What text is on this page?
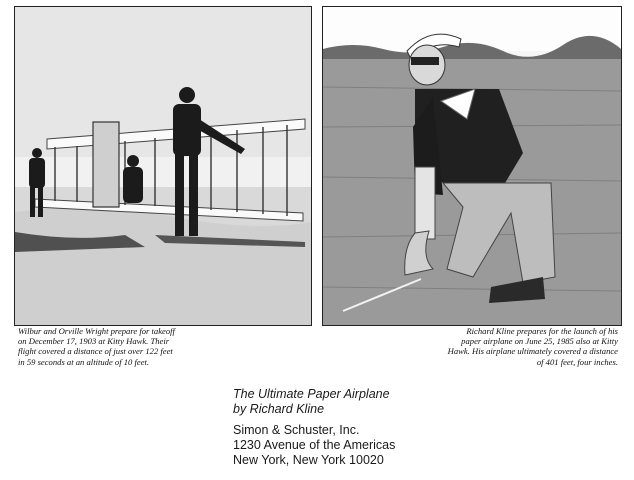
Wilbur and Orville Wright prepare for takeoff on December 17, 1903 at Kitty Hawk. Their flight covered a distance of just over 122 feet in 59 seconds at an altitude of 10 feet.
Richard Kline prepares for the launch of his paper airplane on June 25, 1985 also at Kitty Hawk. His airplane ultimately covered a distance of 401 feet, four inches.
The Ultimate Paper Airplane
by Richard Kline
Simon & Schuster, Inc.
1230 Avenue of the Americas
New York, New York 10020
